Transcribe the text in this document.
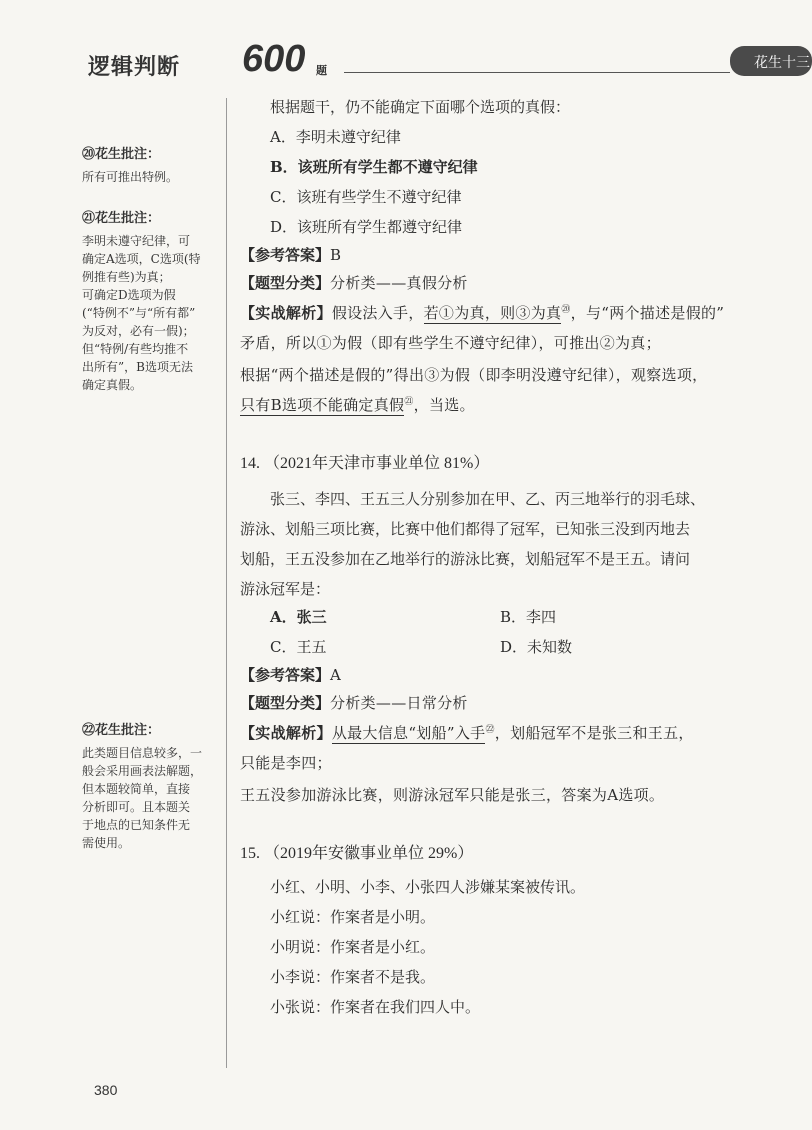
逻辑判断 600 题	花生十三
⑳花生批注：
所有可推出特例。
㉑花生批注：
李明未遵守纪律，可
确定A选项，C选项(特
例推有些)为真；
可确定D选项为假
(“特例不”与“所有都”
为反对，必有一假)；
但“特例/有些均推不
出所有”，B选项无法
确定真假。
㉒花生批注：
此类题目信息较多，一
般会采用画表法解题，
但本题较简单，直接
分析即可。且本题关
于地点的已知条件无
需使用。
根据题干，仍不能确定下面哪个选项的真假：
A．李明未遵守纪律
B．该班所有学生都不遵守纪律
C．该班有些学生不遵守纪律
D．该班所有学生都遵守纪律
【参考答案】B
【题型分类】分析类——真假分析
【实战解析】假设法入手，若①为真，则③为真⑳，与“两个描述是假的”
矛盾，所以①为假（即有些学生不遵守纪律），可推出②为真；
根据“两个描述是假的”得出③为假（即李明没遵守纪律），观察选项，
只有B选项不能确定真假$^㉑$，当选。
14. （2021年天津市事业单位 81%）
张三、李四、王五三人分别参加在甲、乙、丙三地举行的羽毛球、
游泳、划船三项比赛，比赛中他们都得了冠军，已知张三没到丙地去
划船，王五没参加在乙地举行的游泳比赛，划船冠军不是王五。请问
游泳冠军是：
A．张三	B．李四
C．王五	D．未知数
【参考答案】A
【题型分类】分析类——日常分析
【实战解析】从最大信息“划船”入手$^㉒$，划船冠军不是张三和王五，
只能是李四；
王五没参加游泳比赛，则游泳冠军只能是张三，答案为A选项。
15. （2019年安徽事业单位 29%）
小红、小明、小李、小张四人涉嫌某案被传讯。
小红说：作案者是小明。
小明说：作案者是小红。
小李说：作案者不是我。
小张说：作案者在我们四人中。
380
